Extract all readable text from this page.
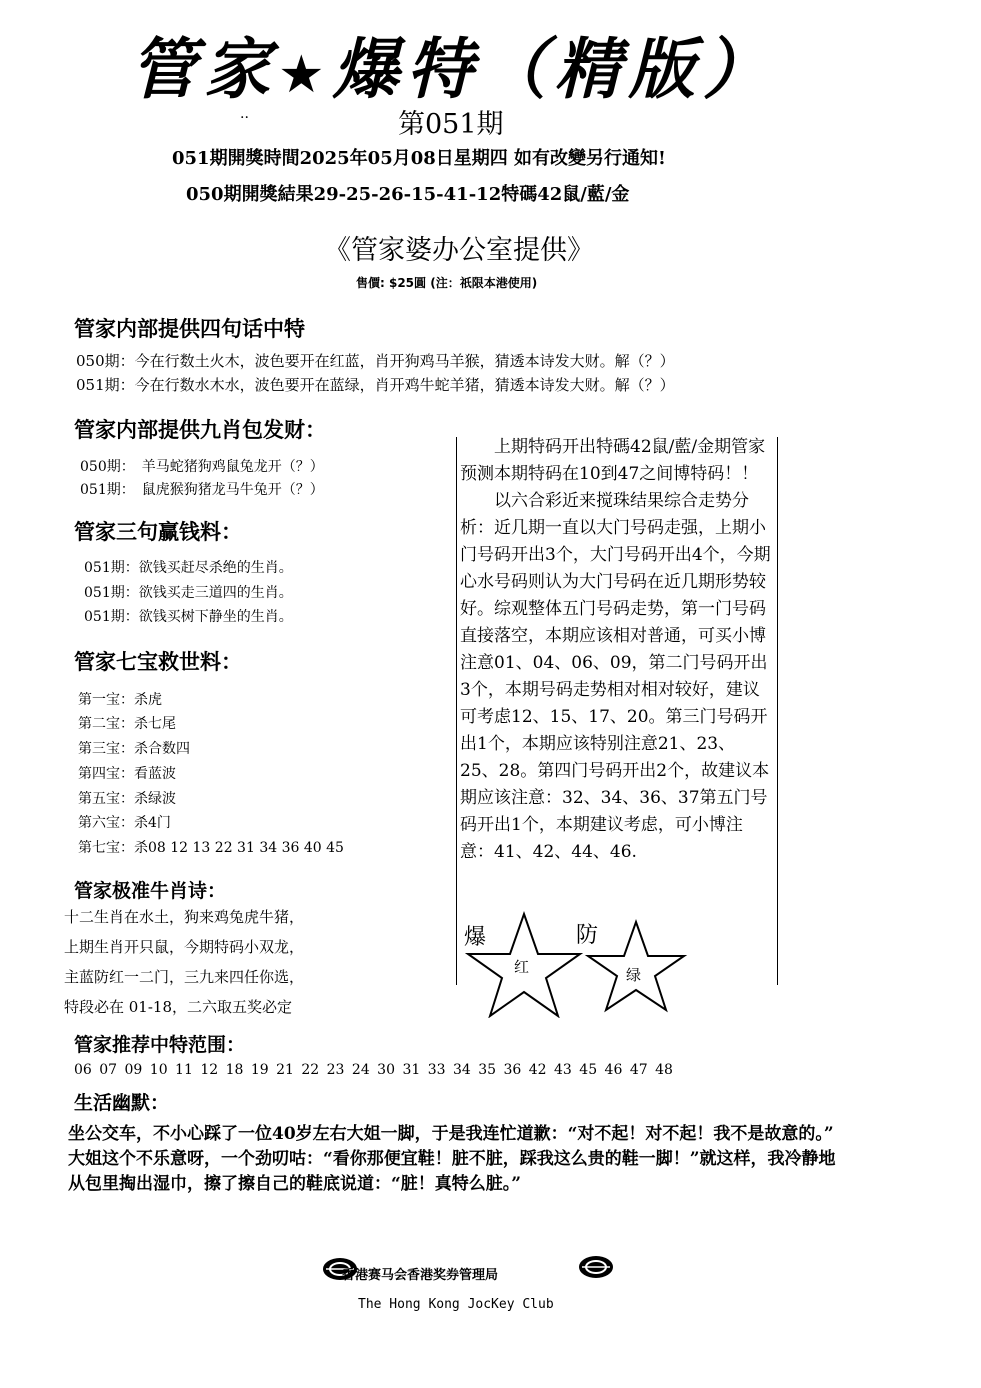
管家★爆特（精版）
..	第051期
051期開獎時間2025年05月08日星期四 如有改變另行通知!
050期開獎結果29-25-26-15-41-12特碼42鼠/藍/金
《管家婆办公室提供》
售價: $25圓 (注：祇限本港使用)
管家内部提供四句话中特
050期：今在行数土火木，波色要开在红蓝，肖开狗鸡马羊猴，猜透本诗发大财。解（？）
051期：今在行数水木水，波色要开在蓝绿，肖开鸡牛蛇羊猪，猜透本诗发大财。解（？）
管家内部提供九肖包发财：
050期：　羊马蛇猪狗鸡鼠兔龙开（？）
051期：　鼠虎猴狗猪龙马牛兔开（？）
管家三句赢钱料：
051期：欲钱买赶尽杀绝的生肖。
051期：欲钱买走三道四的生肖。
051期：欲钱买树下静坐的生肖。
管家七宝救世料：
第一宝：杀虎
第二宝：杀七尾
第三宝：杀合数四
第四宝：看蓝波
第五宝：杀绿波
第六宝：杀4门
第七宝：杀08 12 13 22 31 34 36 40 45
管家极准牛肖诗：
十二生肖在水土，狗来鸡兔虎牛猪，
上期生肖开只鼠，今期特码小双龙，
主蓝防红一二门，三九来四任你选，
特段必在 01-18，二六取五奖必定

上期特码开出特碼42鼠/藍/金期管家预测本期特码在10到47之间博特码！！

以六合彩近来搅珠结果综合走势分析：近几期一直以大门号码走强，上期小门号码开出3个，大门号码开出4个，今期心水号码则认为大门号码在近几期形势较好。综观整体五门号码走势，第一门号码直接落空，本期应该相对普通，可买小博注意01、04、06、09，第二门号码开出3个，本期号码走势相对相对较好，建议可考虑12、15、17、20。第三门号码开出1个，本期应该特别注意21、23、25、28。第四门号码开出2个，故建议本期应该注意：32、34、36、37第五门号码开出1个，本期建议考虑，可小博注意：41、42、44、46.

爆
红
防
绿
管家推荐中特范围：
06 07 09 10 11 12 18 19 21 22 23 24 30 31 33 34 35 36 42 43 45 46 47 48
生活幽默：
坐公交车，不小心踩了一位40岁左右大姐一脚，于是我连忙道歉：“对不起！对不起！我不是故意的。”
大姐这个不乐意呀，一个劲叨咕：“看你那便宜鞋！脏不脏，踩我这么贵的鞋一脚！”就这样，我冷静地
从包里掏出湿巾，擦了擦自己的鞋底说道：“脏！真特么脏。”
香港赛马会香港奖券管理局
The Hong Kong JocKey Club
